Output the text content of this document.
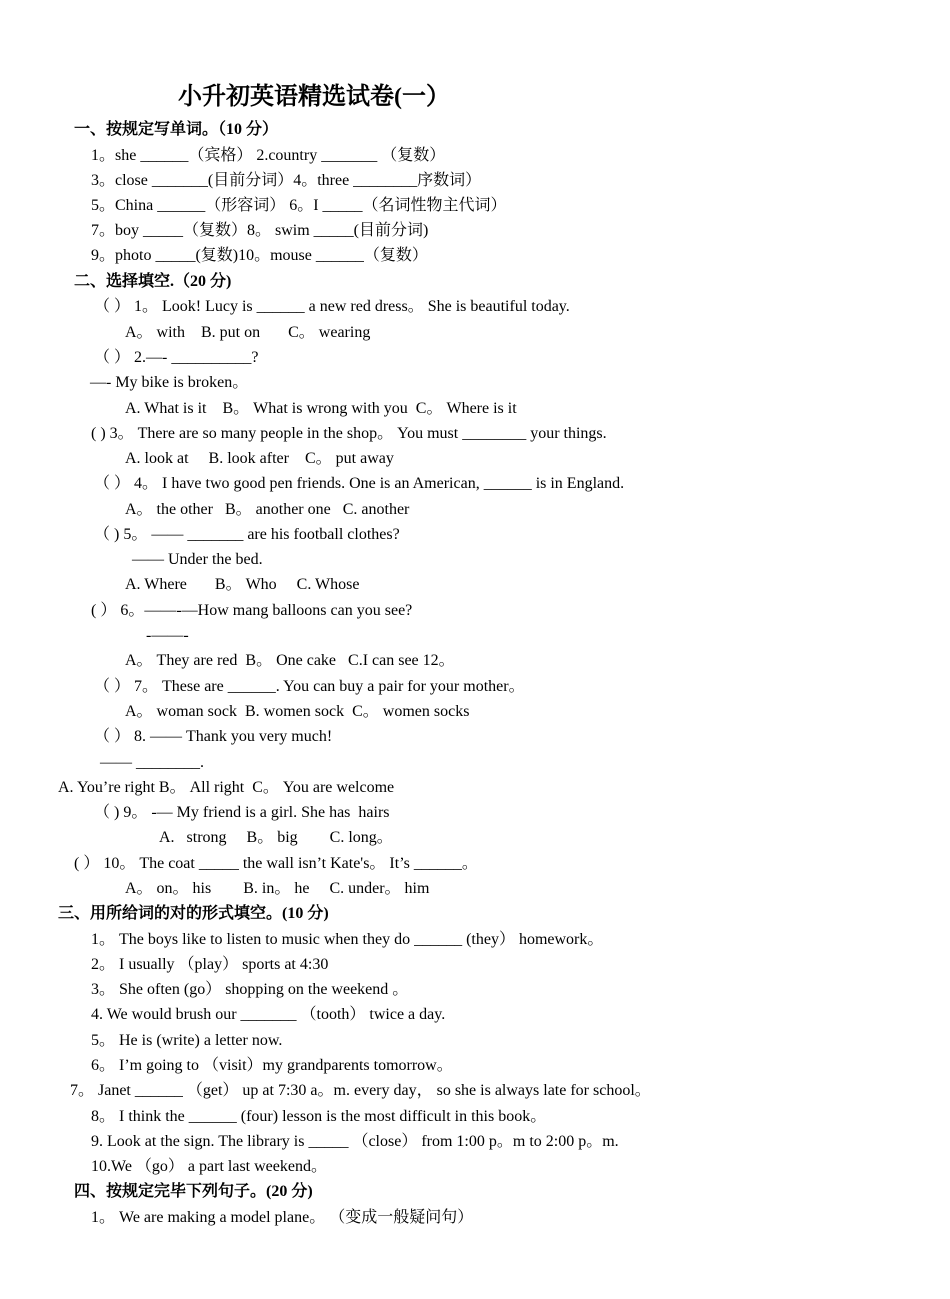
小升初英语精选试卷(一）
一、按规定写单词。（10 分）
1。she ______（宾格） 2.country _______ （复数）
3。close _______(目前分词）4。three ________序数词）
5。China ______（形容词） 6。I _____（名词性物主代词）
7。boy _____（复数）8。 swim _____(目前分词)
9。photo _____(复数)10。mouse ______（复数）
二、选择填空.（20 分)
（ ） 1。 Look! Lucy is ______ a new red dress。 She is beautiful today.
A。 with    B. put on       C。 wearing
（ ） 2.—- __________?
—- My bike is broken。
A. What is it    B。 What is wrong with you  C。 Where is it
( ) 3。 There are so many people in the shop。 You must ________ your things.
A. look at     B. look after    C。 put away
（ ） 4。 I have two good pen friends. One is an American, ______ is in England.
A。 the other   B。 another one   C. another
（ ) 5。 —— _______ are his football clothes?
—— Under the bed.
A. Where       B。 Who     C. Whose
( ） 6。——-—How mang balloons can you see?
-——-
A。 They are red  B。 One cake   C.I can see 12。
（ ） 7。 These are ______. You can buy a pair for your mother。
A。 woman sock  B. women sock  C。 women socks
（ ） 8. —— Thank you very much!
—— ________.
A. You’re right B。 All right  C。 You are welcome
（ ) 9。 -— My friend is a girl. She has  hairs
A.   strong     B。 big        C. long。
( ） 10。 The coat _____ the wall isn’t Kate's。 It’s ______。
A。 on。 his        B. in。 he     C. under。 him
三、用所给词的对的形式填空。(10 分)
1。 The boys like to listen to music when they do ______ (they） homework。
2。 I usually （play） sports at 4:30
3。 She often (go） shopping on the weekend 。
4. We would brush our _______ （tooth） twice a day.
5。 He is (write) a letter now.
6。 I’m going to （visit）my grandparents tomorrow。
7。 Janet ______ （get） up at 7:30 a。m. every day， so she is always late for school。
8。 I think the ______ (four) lesson is the most difficult in this book。
9. Look at the sign. The library is _____ （close） from 1:00 p。m to 2:00 p。m.
10.We （go） a part last weekend。
四、按规定完毕下列句子。(20 分)
1。 We are making a model plane。 （变成一般疑问句）
